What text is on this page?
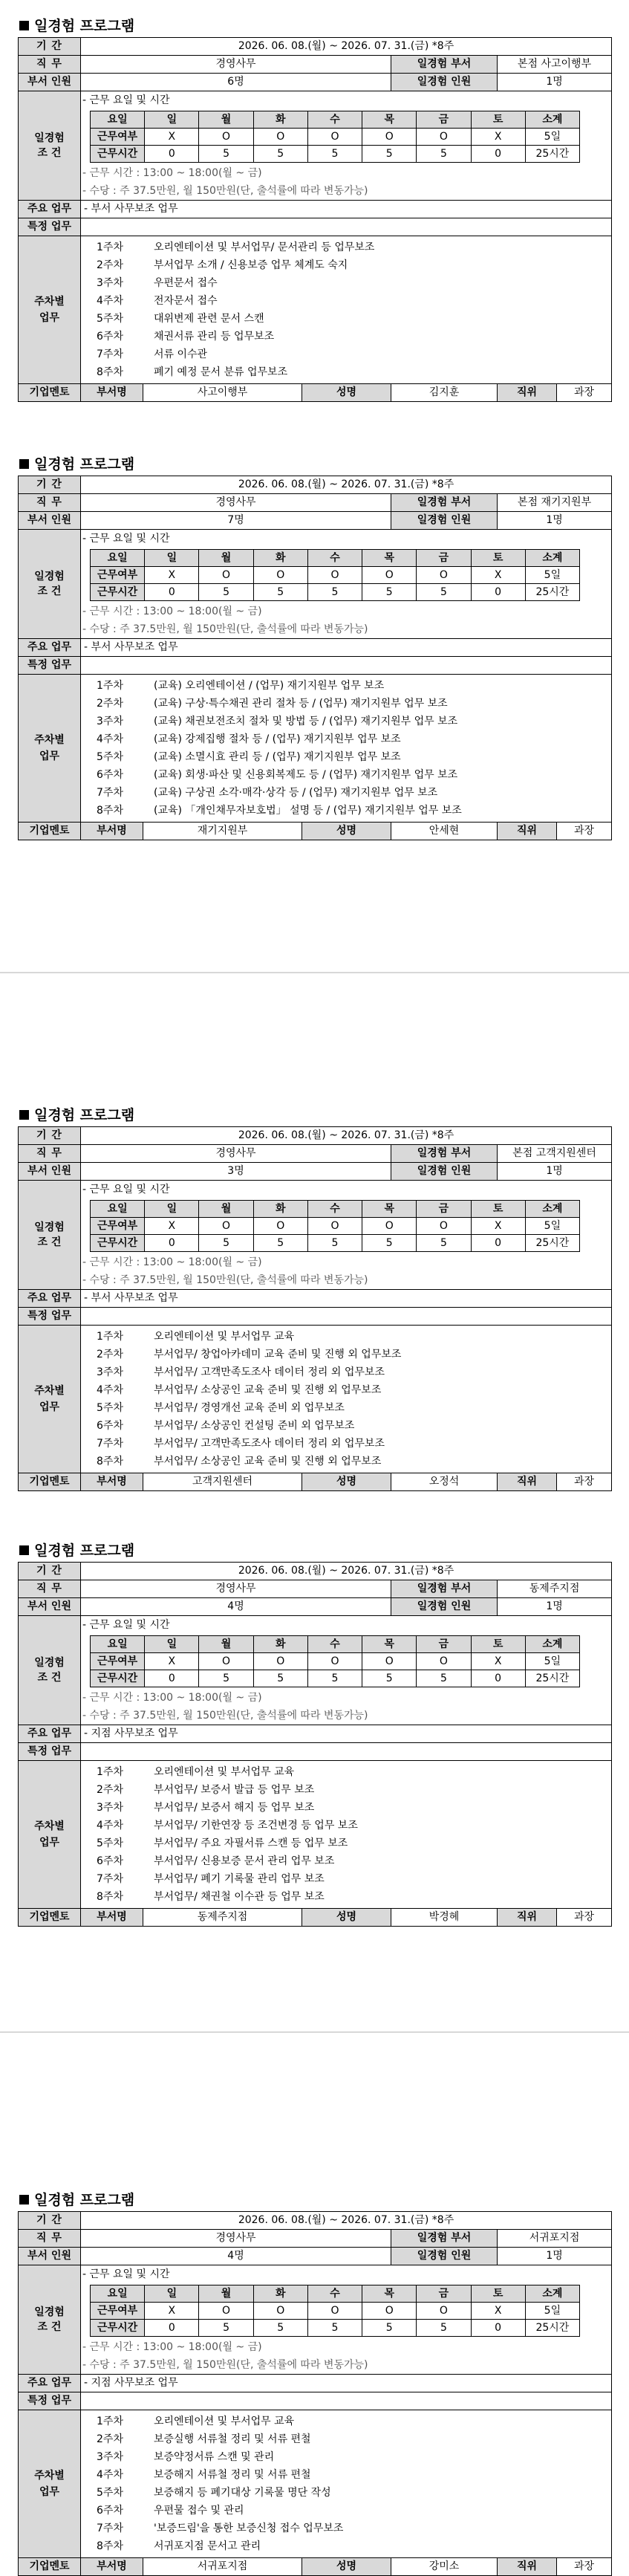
일경험 프로그램
기 간	2026. 06. 08.(월) ~ 2026. 07. 31.(금) *8주
직 무	경영사무	일경험 부서	본점 사고이행부
부서 인원	6명	일경험 인원	1명
일경험
조 건	
- 근무 요일 및 시간
요일	일	월	화	수	목	금	토	소계
근무여부	X	O	O	O	O	O	X	5일
근무시간	0	5	5	5	5	5	0	25시간
- 근무 시간 : 13:00 ~ 18:00(월 ~ 금)
- 수당 : 주 37.5만원, 월 150만원(단, 출석률에 따라 변동가능)

주요 업무	- 부서 사무보조 업무
특정 업무	
주차별
업무	
1주차	오리엔테이션 및 부서업무/ 문서관리 등 업무보조
2주차	부서업무 소개 / 신용보증 업무 체계도 숙지
3주차	우편문서 접수
4주차	전자문서 접수
5주차	대위변제 관련 문서 스캔
6주차	채권서류 관리 등 업무보조
7주차	서류 이수관
8주차	폐기 예정 문서 분류 업무보조

기업멘토	부서명	사고이행부	성명	김지훈	직위	과장
일경험 프로그램
기 간	2026. 06. 08.(월) ~ 2026. 07. 31.(금) *8주
직 무	경영사무	일경험 부서	본점 재기지원부
부서 인원	7명	일경험 인원	1명
일경험
조 건	
- 근무 요일 및 시간
요일	일	월	화	수	목	금	토	소계
근무여부	X	O	O	O	O	O	X	5일
근무시간	0	5	5	5	5	5	0	25시간
- 근무 시간 : 13:00 ~ 18:00(월 ~ 금)
- 수당 : 주 37.5만원, 월 150만원(단, 출석률에 따라 변동가능)

주요 업무	- 부서 사무보조 업무
특정 업무	
주차별
업무	
1주차	(교육) 오리엔테이션 / (업무) 재기지원부 업무 보조
2주차	(교육) 구상·특수채권 관리 절차 등 / (업무) 재기지원부 업무 보조
3주차	(교육) 채권보전조치 절차 및 방법 등 / (업무) 재기지원부 업무 보조
4주차	(교육) 강제집행 절차 등 / (업무) 재기지원부 업무 보조
5주차	(교육) 소멸시효 관리 등 / (업무) 재기지원부 업무 보조
6주차	(교육) 회생·파산 및 신용회복제도 등 / (업무) 재기지원부 업무 보조
7주차	(교육) 구상권 소각·매각·상각 등 / (업무) 재기지원부 업무 보조
8주차	(교육) 「개인채무자보호법」 설명 등 / (업무) 재기지원부 업무 보조

기업멘토	부서명	재기지원부	성명	안세현	직위	과장
일경험 프로그램
기 간	2026. 06. 08.(월) ~ 2026. 07. 31.(금) *8주
직 무	경영사무	일경험 부서	본점 고객지원센터
부서 인원	3명	일경험 인원	1명
일경험
조 건	
- 근무 요일 및 시간
요일	일	월	화	수	목	금	토	소계
근무여부	X	O	O	O	O	O	X	5일
근무시간	0	5	5	5	5	5	0	25시간
- 근무 시간 : 13:00 ~ 18:00(월 ~ 금)
- 수당 : 주 37.5만원, 월 150만원(단, 출석률에 따라 변동가능)

주요 업무	- 부서 사무보조 업무
특정 업무	
주차별
업무	
1주차	오리엔테이션 및 부서업무 교육
2주차	부서업무/ 창업아카데미 교육 준비 및 진행 외 업무보조
3주차	부서업무/ 고객만족도조사 데이터 정리 외 업무보조
4주차	부서업무/ 소상공인 교육 준비 및 진행 외 업무보조
5주차	부서업무/ 경영개선 교육 준비 외 업무보조
6주차	부서업무/ 소상공인 컨설팅 준비 외 업무보조
7주차	부서업무/ 고객만족도조사 데이터 정리 외 업무보조
8주차	부서업무/ 소상공인 교육 준비 및 진행 외 업무보조

기업멘토	부서명	고객지원센터	성명	오정석	직위	과장
일경험 프로그램
기 간	2026. 06. 08.(월) ~ 2026. 07. 31.(금) *8주
직 무	경영사무	일경험 부서	동제주지점
부서 인원	4명	일경험 인원	1명
일경험
조 건	
- 근무 요일 및 시간
요일	일	월	화	수	목	금	토	소계
근무여부	X	O	O	O	O	O	X	5일
근무시간	0	5	5	5	5	5	0	25시간
- 근무 시간 : 13:00 ~ 18:00(월 ~ 금)
- 수당 : 주 37.5만원, 월 150만원(단, 출석률에 따라 변동가능)

주요 업무	- 지점 사무보조 업무
특정 업무	
주차별
업무	
1주차	오리엔테이션 및 부서업무 교육
2주차	부서업무/ 보증서 발급 등 업무 보조
3주차	부서업무/ 보증서 해지 등 업무 보조
4주차	부서업무/ 기한연장 등 조건변경 등 업무 보조
5주차	부서업무/ 주요 자필서류 스캔 등 업무 보조
6주차	부서업무/ 신용보증 문서 관리 업무 보조
7주차	부서업무/ 폐기 기록물 관리 업무 보조
8주차	부서업무/ 채권철 이수관 등 업무 보조

기업멘토	부서명	동제주지점	성명	박경혜	직위	과장
일경험 프로그램
기 간	2026. 06. 08.(월) ~ 2026. 07. 31.(금) *8주
직 무	경영사무	일경험 부서	서귀포지점
부서 인원	4명	일경험 인원	1명
일경험
조 건	
- 근무 요일 및 시간
요일	일	월	화	수	목	금	토	소계
근무여부	X	O	O	O	O	O	X	5일
근무시간	0	5	5	5	5	5	0	25시간
- 근무 시간 : 13:00 ~ 18:00(월 ~ 금)
- 수당 : 주 37.5만원, 월 150만원(단, 출석률에 따라 변동가능)

주요 업무	- 지점 사무보조 업무
특정 업무	
주차별
업무	
1주차	오리엔테이션 및 부서업무 교육
2주차	보증실행 서류철 정리 및 서류 편철
3주차	보증약정서류 스캔 및 관리
4주차	보증해지 서류철 정리 및 서류 편철
5주차	보증해지 등 폐기대상 기록물 명단 작성
6주차	우편물 접수 및 관리
7주차	'보증드림'을 통한 보증신청 접수 업무보조
8주차	서귀포지점 문서고 관리

기업멘토	부서명	서귀포지점	성명	강미소	직위	과장
